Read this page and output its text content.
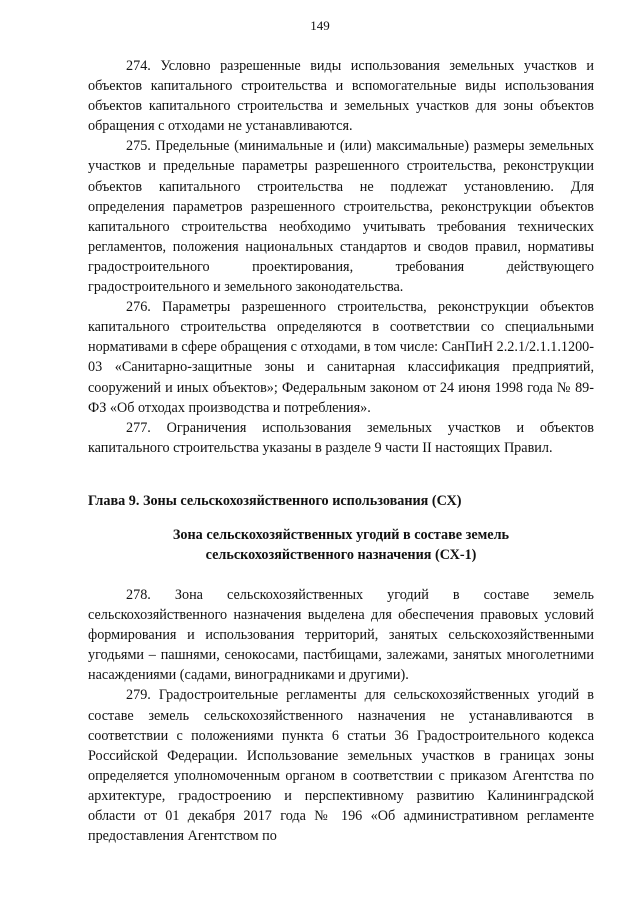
149

274. Условно разрешенные виды использования земельных участков и объектов капитального строительства и вспомогательные виды использования объектов капитального строительства и земельных участков для зоны объектов обращения с отходами не устанавливаются.

275. Предельные (минимальные и (или) максимальные) размеры земельных участков и предельные параметры разрешенного строительства, реконструкции объектов капитального строительства не подлежат установлению. Для определения параметров разрешенного строительства, реконструкции объектов капитального строительства необходимо учитывать требования технических регламентов, положения национальных стандартов и сводов правил, нормативы градостроительного проектирования, требования действующего градостроительного и земельного законодательства.

276. Параметры разрешенного строительства, реконструкции объектов капитального строительства определяются в соответствии со специальными нормативами в сфере обращения с отходами, в том числе: СанПиН 2.2.1/2.1.1.1200-03 «Санитарно-защитные зоны и санитарная классификация предприятий, сооружений и иных объектов»; Федеральным законом от 24 июня 1998 года № 89-ФЗ «Об отходах производства и потребления».

277. Ограничения использования земельных участков и объектов капитального строительства указаны в разделе 9 части II настоящих Правил.

Глава 9. Зоны сельскохозяйственного использования (СХ)

Зона сельскохозяйственных угодий в составе земель
сельскохозяйственного назначения (СХ-1)

278. Зона сельскохозяйственных угодий в составе земель сельскохозяйственного назначения выделена для обеспечения правовых условий формирования и использования территорий, занятых сельскохозяйственными угодьями – пашнями, сенокосами, пастбищами, залежами, занятых многолетними насаждениями (садами, виноградниками и другими).

279. Градостроительные регламенты для сельскохозяйственных угодий в составе земель сельскохозяйственного назначения не устанавливаются в соответствии с положениями пункта 6 статьи 36 Градостроительного кодекса Российской Федерации. Использование земельных участков в границах зоны определяется уполномоченным органом в соответствии с приказом Агентства по архитектуре, градостроению и перспективному развитию Калининградской области от 01 декабря 2017 года № 196 «Об административном регламенте предоставления Агентством по
